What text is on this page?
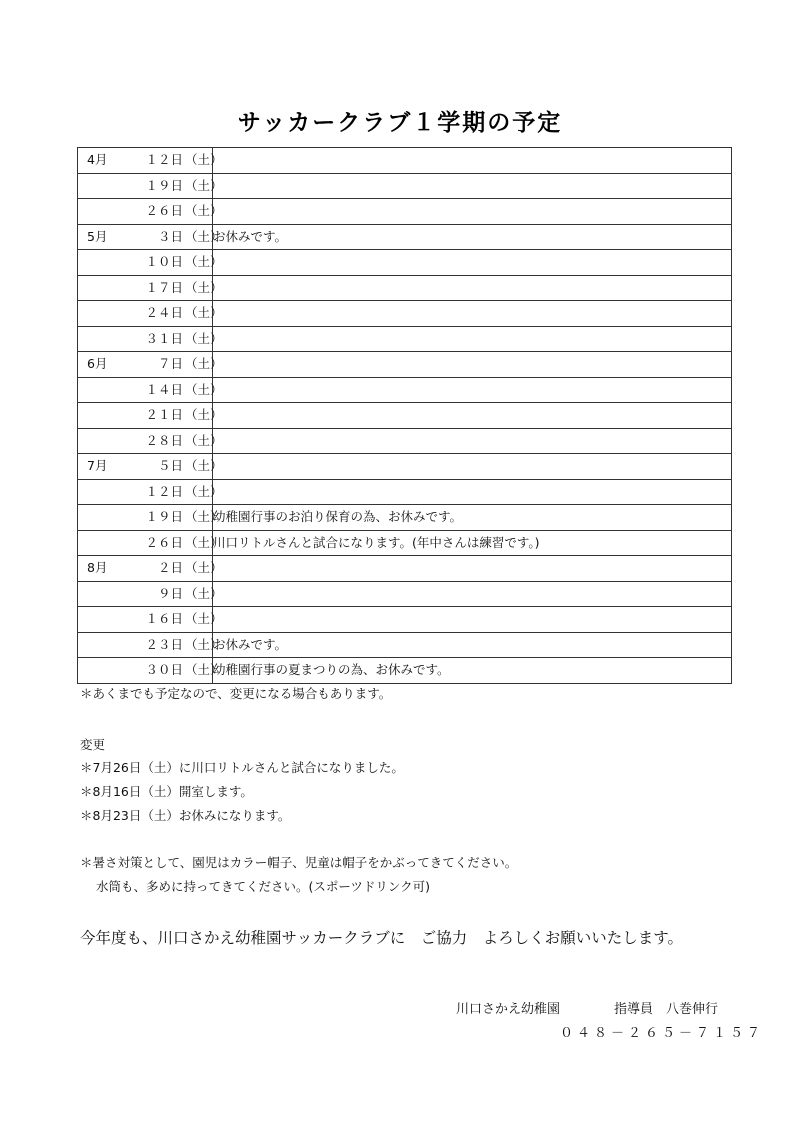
サッカークラブ１学期の予定
4月 １２日 （土）	
１９日 （土）	
２６日 （土）	
5月 ３日 （土）	お休みです。
１０日 （土）	
１７日 （土）	
２４日 （土）	
３１日 （土）	
6月 ７日 （土）	
１４日 （土）	
２１日 （土）	
２８日 （土）	
7月 ５日 （土）	
１２日 （土）	
１９日 （土）	幼稚園行事のお泊り保育の為、お休みです。
２６日 （土）	川口リトルさんと試合になります。(年中さんは練習です。)
8月 ２日 （土）	
９日 （土）	
１６日 （土）	
２３日 （土）	お休みです。
３０日 （土）	幼稚園行事の夏まつりの為、お休みです。
＊あくまでも予定なので、変更になる場合もあります。
変更
＊7月26日（土）に川口リトルさんと試合になりました。
＊8月16日（土）開室します。
＊8月23日（土）お休みになります。
＊暑さ対策として、園児はカラー帽子、児童は帽子をかぶってきてください。
水筒も、多めに持ってきてください。(スポーツドリンク可)
今年度も、川口さかえ幼稚園サッカークラブに　ご協力　よろしくお願いいたします。
川口さかえ幼稚園	指導員　八巻伸行
０４８－２６５－７１５７
